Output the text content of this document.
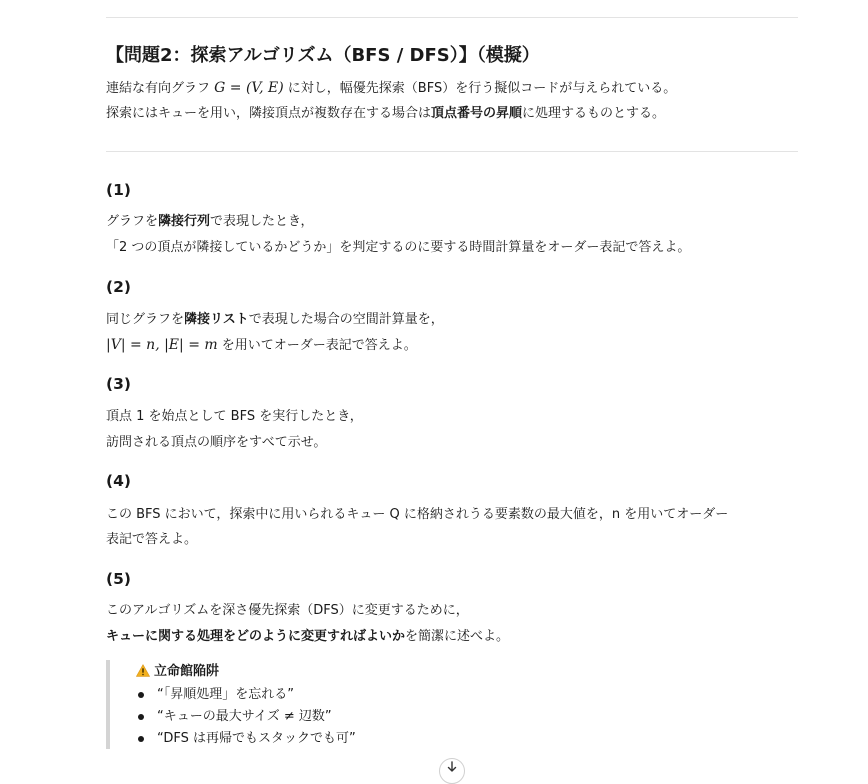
【問題2：探索アルゴリズム（BFS / DFS）】（模擬）
連結な有向グラフ G = (V, E) に対し，幅優先探索（BFS）を行う擬似コードが与えられている。
探索にはキューを用い，隣接頂点が複数存在する場合は頂点番号の昇順に処理するものとする。
(1)
グラフを隣接行列で表現したとき，
「2 つの頂点が隣接しているかどうか」を判定するのに要する時間計算量をオーダー表記で答えよ。
(2)
同じグラフを隣接リストで表現した場合の空間計算量を，
|V| = n, |E| = m を用いてオーダー表記で答えよ。
(3)
頂点 1 を始点として BFS を実行したとき，
訪問される頂点の順序をすべて示せ。
(4)
この BFS において，探索中に用いられるキュー Q に格納されうる要素数の最大値を，n を用いてオーダー
表記で答えよ。
(5)
このアルゴリズムを深さ優先探索（DFS）に変更するために，
キューに関する処理をどのように変更すればよいかを簡潔に述べよ。
立命館陥阱
“「昇順処理」を忘れる”
“キューの最大サイズ ≠ 辺数”
“DFS は再帰でもスタックでも可”
